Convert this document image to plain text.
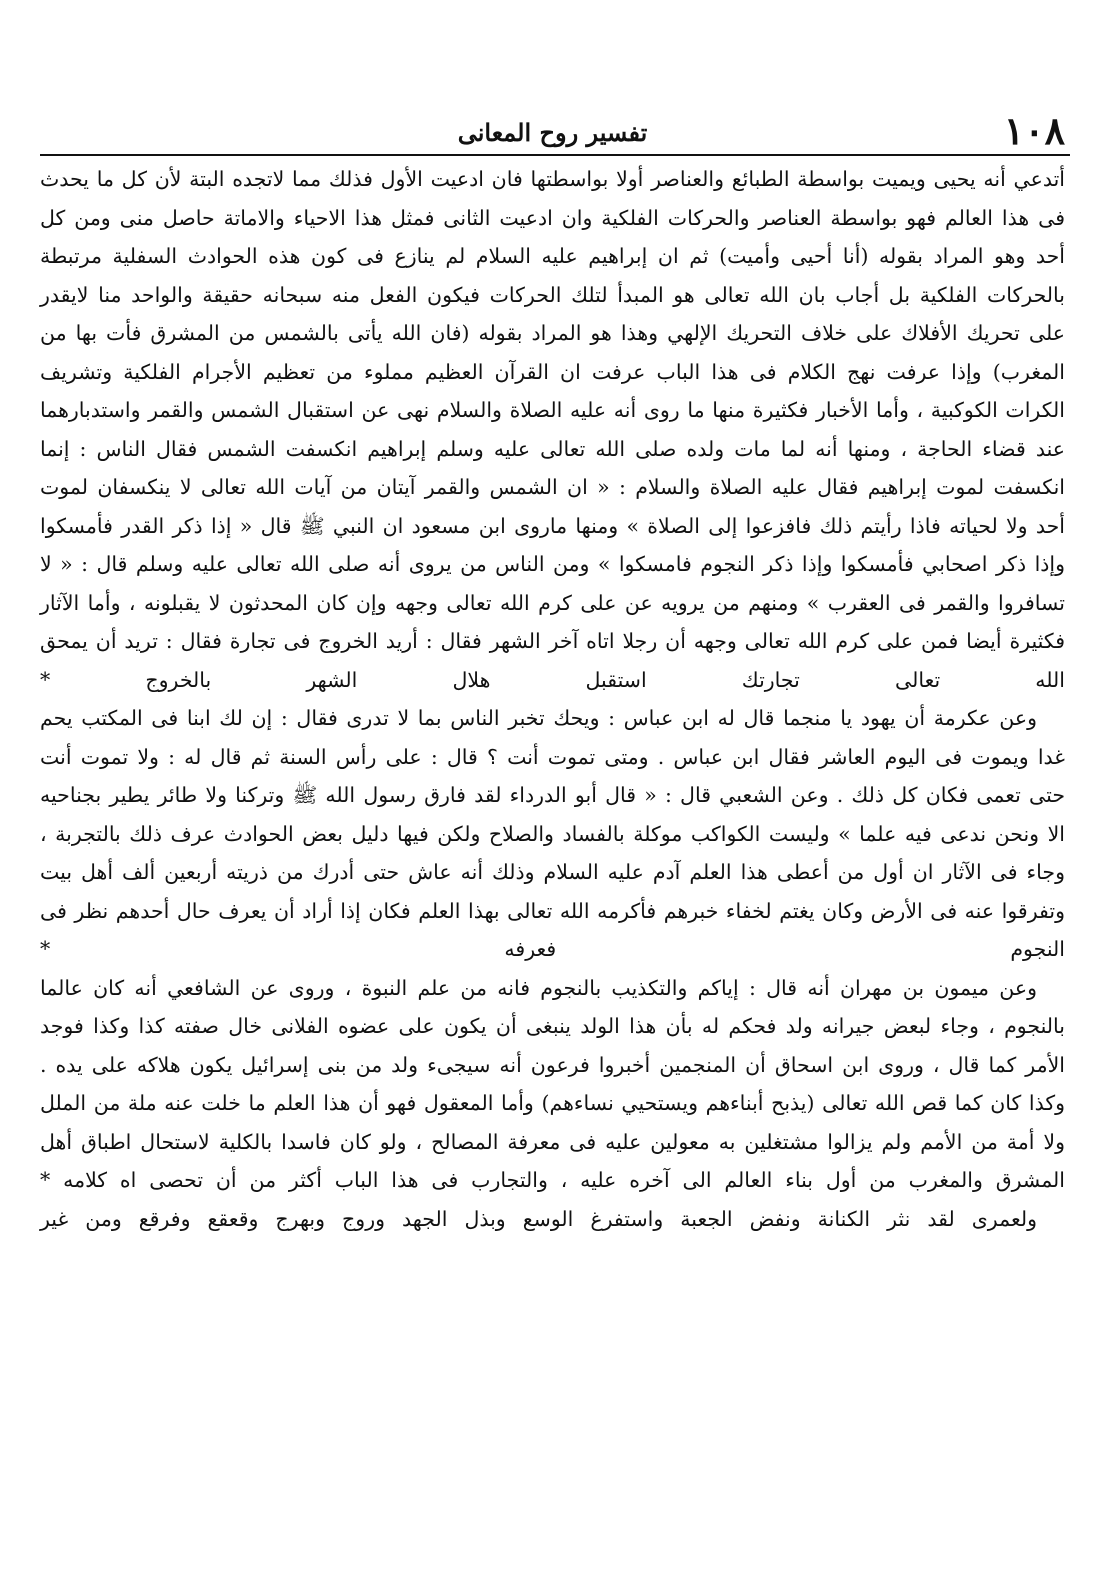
١٠٨
تفسير روح المعانى

أتدعي أنه يحيى ويميت بواسطة الطبائع والعناصر أولا بواسطتها فان ادعيت الأول فذلك مما لاتجده البتة لأن كل ما يحدث فى هذا العالم فهو بواسطة العناصر والحركات الفلكية وان ادعيت الثانى فمثل هذا الاحياء والاماتة حاصل منى ومن كل أحد وهو المراد بقوله (أنا أحيى وأميت) ثم ان إبراهيم عليه السلام لم ينازع فى كون هذه الحوادث السفلية مرتبطة بالحركات الفلكية بل أجاب بان الله تعالى هو المبدأ لتلك الحركات فيكون الفعل منه سبحانه حقيقة والواحد منا لايقدر على تحريك الأفلاك على خلاف التحريك الإلهي وهذا هو المراد بقوله (فان الله يأتى بالشمس من المشرق فأت بها من المغرب) وإذا عرفت نهج الكلام فى هذا الباب عرفت ان القرآن العظيم مملوء من تعظيم الأجرام الفلكية وتشريف الكرات الكوكبية ، وأما الأخبار فكثيرة منها ما روى أنه عليه الصلاة والسلام نهى عن استقبال الشمس والقمر واستدبارهما عند قضاء الحاجة ، ومنها أنه لما مات ولده صلى الله تعالى عليه وسلم إبراهيم انكسفت الشمس فقال الناس : إنما انكسفت لموت إبراهيم فقال عليه الصلاة والسلام : « ان الشمس والقمر آيتان من آيات الله تعالى لا ينكسفان لموت أحد ولا لحياته فاذا رأيتم ذلك فافزعوا إلى الصلاة » ومنها ماروى ابن مسعود ان النبي ﷺ قال « إذا ذكر القدر فأمسكوا وإذا ذكر اصحابي فأمسكوا وإذا ذكر النجوم فامسكوا » ومن الناس من يروى أنه صلى الله تعالى عليه وسلم قال : « لا تسافروا والقمر فى العقرب » ومنهم من يرويه عن على كرم الله تعالى وجهه وإن كان المحدثون لا يقبلونه ، وأما الآثار فكثيرة أيضا فمن على كرم الله تعالى وجهه أن رجلا اتاه آخر الشهر فقال : أريد الخروج فى تجارة فقال : تريد أن يمحق الله تعالى تجارتك استقبل هلال الشهر بالخروج *

وعن عكرمة أن يهود يا منجما قال له ابن عباس : ويحك تخبر الناس بما لا تدرى فقال : إن لك ابنا فى المكتب يحم غدا ويموت فى اليوم العاشر فقال ابن عباس . ومتى تموت أنت ؟ قال : على رأس السنة ثم قال له : ولا تموت أنت حتى تعمى فكان كل ذلك . وعن الشعبي قال : « قال أبو الدرداء لقد فارق رسول الله ﷺ وتركنا ولا طائر يطير بجناحيه الا ونحن ندعى فيه علما » وليست الكواكب موكلة بالفساد والصلاح ولكن فيها دليل بعض الحوادث عرف ذلك بالتجربة ، وجاء فى الآثار ان أول من أعطى هذا العلم آدم عليه السلام وذلك أنه عاش حتى أدرك من ذريته أربعين ألف أهل بيت وتفرقوا عنه فى الأرض وكان يغتم لخفاء خبرهم فأكرمه الله تعالى بهذا العلم فكان إذا أراد أن يعرف حال أحدهم نظر فى النجوم فعرفه *

وعن ميمون بن مهران أنه قال : إياكم والتكذيب بالنجوم فانه من علم النبوة ، وروى عن الشافعي أنه كان عالما بالنجوم ، وجاء لبعض جيرانه ولد فحكم له بأن هذا الولد ينبغى أن يكون على عضوه الفلانى خال صفته كذا وكذا فوجد الأمر كما قال ، وروى ابن اسحاق أن المنجمين أخبروا فرعون أنه سيجىء ولد من بنى إسرائيل يكون هلاكه على يده . وكذا كان كما قص الله تعالى (يذبح أبناءهم ويستحيي نساءهم) وأما المعقول فهو أن هذا العلم ما خلت عنه ملة من الملل ولا أمة من الأمم ولم يزالوا مشتغلين به معولين عليه فى معرفة المصالح ، ولو كان فاسدا بالكلية لاستحال اطباق أهل المشرق والمغرب من أول بناء العالم الى آخره عليه ، والتجارب فى هذا الباب أكثر من أن تحصى اه كلامه *

ولعمرى لقد نثر الكنانة ونفض الجعبة واستفرغ الوسع وبذل الجهد وروج وبهرج وقعقع وفرقع ومن غير
